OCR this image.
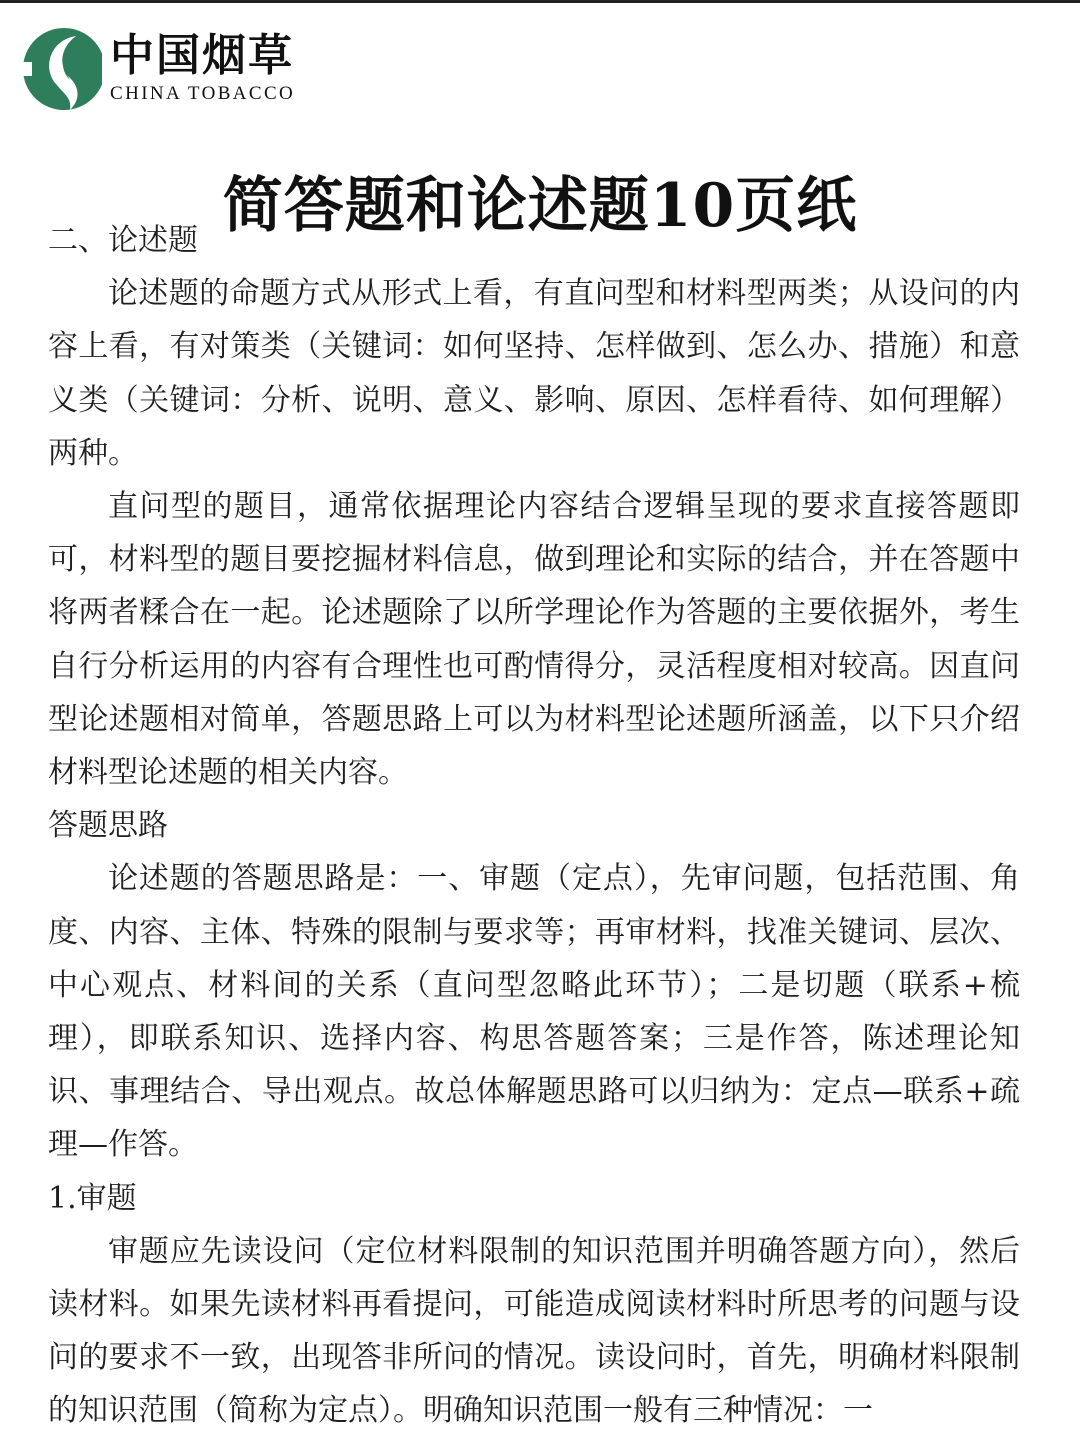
中国烟草
CHINA TOBACCO
简答题和论述题10页纸

二、论述题

论述题的命题方式从形式上看，有直问型和材料型两类；从设问的内容上看，有对策类（关键词：如何坚持、怎样做到、怎么办、措施）和意义类（关键词：分析、说明、意义、影响、原因、怎样看待、如何理解）两种。

直问型的题目，通常依据理论内容结合逻辑呈现的要求直接答题即可，材料型的题目要挖掘材料信息，做到理论和实际的结合，并在答题中将两者糅合在一起。论述题除了以所学理论作为答题的主要依据外，考生自行分析运用的内容有合理性也可酌情得分，灵活程度相对较高。因直问型论述题相对简单，答题思路上可以为材料型论述题所涵盖，以下只介绍材料型论述题的相关内容。

答题思路

论述题的答题思路是：一、审题（定点），先审问题，包括范围、角度、内容、主体、特殊的限制与要求等；再审材料，找准关键词、层次、中心观点、材料间的关系（直问型忽略此环节）；二是切题（联系+梳理），即联系知识、选择内容、构思答题答案；三是作答，陈述理论知识、事理结合、导出观点。故总体解题思路可以归纳为：定点—联系+疏理—作答。

1.审题

审题应先读设问（定位材料限制的知识范围并明确答题方向），然后读材料。如果先读材料再看提问，可能造成阅读材料时所思考的问题与设问的要求不一致，出现答非所问的情况。读设问时，首先，明确材料限制的知识范围（简称为定点）。明确知识范围一般有三种情况：一
